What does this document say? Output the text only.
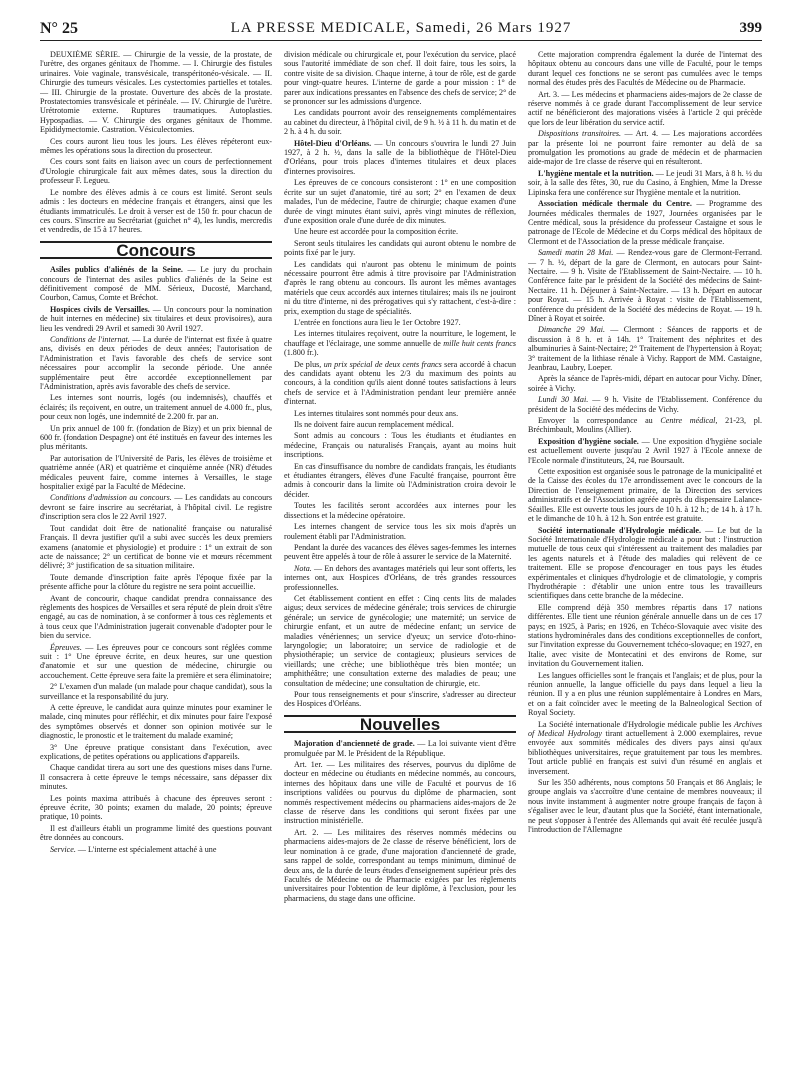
N° 25	LA PRESSE MEDICALE, Samedi, 26 Mars 1927	399

DEUXIÈME SÉRIE. — Chirurgie de la vessie, de la prostate, de l'urètre, des organes génitaux de l'homme. — I. Chirurgie des fistules urinaires. Voie vaginale, transvésicale, transpéritonéo-vésicale. — II. Chirurgie des tumeurs vésicales. Les cystectomies partielles et totales. — III. Chirurgie de la prostate. Ouverture des abcès de la prostate. Prostatectomies transvésicale et périnéale. — IV. Chirurgie de l'urètre. Urétrotomie externe. Ruptures traumatiques. Autoplasties. Hypospadias. — V. Chirurgie des organes génitaux de l'homme. Epididymectomie. Castration. Vésiculectomies.

Ces cours auront lieu tous les jours. Les élèves répéteront eux-mêmes les opérations sous la direction du prosecteur.

Ces cours sont faits en liaison avec un cours de perfectionnement d'Urologie chirurgicale fait aux mêmes dates, sous la direction du professeur F. Legueu.

Le nombre des élèves admis à ce cours est limité. Seront seuls admis : les docteurs en médecine français et étrangers, ainsi que les étudiants immatriculés. Le droit à verser est de 150 fr. pour chacun de ces cours. S'inscrire au Secrétariat (guichet n° 4), les lundis, mercredis et vendredis, de 15 à 17 heures.

Concours

Asiles publics d'aliénés de la Seine. — Le jury du prochain concours de l'internat des asiles publics d'aliénés de la Seine est définitivement composé de MM. Sérieux, Ducosté, Marchand, Courbon, Camus, Comte et Bréchot.

Hospices civils de Versailles. — Un concours pour la nomination de huit internes en médecine) six titulaires et deux provisoires), aura lieu les vendredi 29 Avril et samedi 30 Avril 1927.

Conditions de l'internat. — La durée de l'internat est fixée à quatre ans, divisés en deux périodes de deux années; l'autorisation de l'Administration et l'avis favorable des chefs de service sont nécessaires pour accomplir la seconde période. Une année supplémentaire peut être accordée exceptionnellement par l'Administration, après avis favorable des chefs de service.

Les internes sont nourris, logés (ou indemnisés), chauffés et éclairés; ils reçoivent, en outre, un traitement annuel de 4.000 fr., plus, pour ceux non logés, une indemnité de 2.200 fr. par an.

Un prix annuel de 100 fr. (fondation de Bizy) et un prix biennal de 600 fr. (fondation Despagne) ont été institués en faveur des internes les plus méritants.

Par autorisation de l'Université de Paris, les élèves de troisième et quatrième année (AR) et quatrième et cinquième année (NR) d'études médicales peuvent faire, comme internes à Versailles, le stage hospitalier exigé par la Faculté de Médecine.

Conditions d'admission au concours. — Les candidats au concours devront se faire inscrire au secrétariat, à l'hôpital civil. Le registre d'inscription sera clos le 22 Avril 1927.

Tout candidat doit être de nationalité française ou naturalisé Français. Il devra justifier qu'il a subi avec succès les deux premiers examens (anatomie et physiologie) et produire : 1° un extrait de son acte de naissance; 2° un certificat de bonne vie et mœurs récemment délivré; 3° justification de sa situation militaire.

Toute demande d'inscription faite après l'époque fixée par la présente affiche pour la clôture du registre ne sera point accueillie.

Avant de concourir, chaque candidat prendra connaissance des règlements des hospices de Versailles et sera réputé de plein droit s'être engagé, au cas de nomination, à se conformer à tous ces règlements et à tous ceux que l'Administration jugerait convenable d'adopter pour le bien du service.

Épreuves. — Les épreuves pour ce concours sont réglées comme suit : 1° Une épreuve écrite, en deux heures, sur une question d'anatomie et sur une question de médecine, chirurgie ou accouchement. Cette épreuve sera faite la première et sera éliminatoire;

2° L'examen d'un malade (un malade pour chaque candidat), sous la surveillance et la responsabilité du jury.

A cette épreuve, le candidat aura quinze minutes pour examiner le malade, cinq minutes pour réfléchir, et dix minutes pour faire l'exposé des symptômes observés et donner son opinion motivée sur le diagnostic, le pronostic et le traitement du malade examiné;

3° Une épreuve pratique consistant dans l'exécution, avec explications, de petites opérations ou applications d'appareils.

Chaque candidat tirera au sort une des questions mises dans l'urne. Il consacrera à cette épreuve le temps nécessaire, sans dépasser dix minutes.

Les points maxima attribués à chacune des épreuves seront : épreuve écrite, 30 points; examen du malade, 20 points; épreuve pratique, 10 points.

Il est d'ailleurs établi un programme limité des questions pouvant être données au concours.

Service. — L'interne est spécialement attaché à une

division médicale ou chirurgicale et, pour l'exécution du service, placé sous l'autorité immédiate de son chef. Il doit faire, tous les soirs, la contre visite de sa division. Chaque interne, à tour de rôle, est de garde pour vingt-quatre heures. L'interne de garde a pour mission : 1° de parer aux indications pressantes en l'absence des chefs de service; 2° de se prononcer sur les admissions d'urgence.

Les candidats pourront avoir des renseignements complémentaires au cabinet du directeur, à l'hôpital civil, de 9 h. ½ à 11 h. du matin et de 2 h. à 4 h. du soir.

Hôtel-Dieu d'Orléans. — Un concours s'ouvrira le lundi 27 Juin 1927, à 2 h. ½, dans la salle de la bibliothèque de l'Hôtel-Dieu d'Orléans, pour trois places d'internes titulaires et deux places d'internes provisoires.

Les épreuves de ce concours consisteront : 1° en une composition écrite sur un sujet d'anatomie, tiré au sort; 2° en l'examen de deux malades, l'un de médecine, l'autre de chirurgie; chaque examen d'une durée de vingt minutes étant suivi, après vingt minutes de réflexion, d'une exposition orale d'une durée de dix minutes.

Une heure est accordée pour la composition écrite.

Seront seuls titulaires les candidats qui auront obtenu le nombre de points fixé par le jury.

Les candidats qui n'auront pas obtenu le minimum de points nécessaire pourront être admis à titre provisoire par l'Administration d'après le rang obtenu au concours. Ils auront les mêmes avantages matériels que ceux accordés aux internes titulaires; mais ils ne jouiront ni du titre d'interne, ni des prérogatives qui s'y rattachent, c'est-à-dire : prix, exemption du stage de spécialités.

L'entrée en fonctions aura lieu le 1er Octobre 1927.

Les internes titulaires reçoivent, outre la nourriture, le logement, le chauffage et l'éclairage, une somme annuelle de mille huit cents francs (1.800 fr.).

De plus, un prix spécial de deux cents francs sera accordé à chacun des candidats ayant obtenu les 2/3 du maximum des points au concours, à la condition qu'ils aient donné toutes satisfactions à leurs chefs de service et à l'Administration pendant leur première année d'internat.

Les internes titulaires sont nommés pour deux ans.

Ils ne doivent faire aucun remplacement médical.

Sont admis au concours : Tous les étudiants et étudiantes en médecine, Français ou naturalisés Français, ayant au moins huit inscriptions.

En cas d'insuffisance du nombre de candidats français, les étudiants et étudiantes étrangers, élèves d'une Faculté française, pourront être admis à concourir dans la limite où l'Administration croira devoir le décider.

Toutes les facilités seront accordées aux internes pour les dissections et la médecine opératoire.

Les internes changent de service tous les six mois d'après un roulement établi par l'Administration.

Pendant la durée des vacances des élèves sages-femmes les internes peuvent être appelés à tour de rôle à assurer le service de la Maternité.

Nota. — En dehors des avantages matériels qui leur sont offerts, les internes ont, aux Hospices d'Orléans, de très grandes ressources professionnelles.

Cet établissement contient en effet : Cinq cents lits de malades aigus; deux services de médecine générale; trois services de chirurgie générale; un service de gynécologie; une maternité; un service de chirurgie enfant, et un autre de médecine enfant; un service de maladies vénériennes; un service d'yeux; un service d'oto-rhino-laryngologie; un laboratoire; un service de radiologie et de physiothérapie; un service de contagieux; plusieurs services de vieillards; une crèche; une bibliothèque très bien montée; un amphithéâtre; une consultation externe des maladies de peau; une consultation de médecine; une consultation de chirurgie, etc.

Pour tous renseignements et pour s'inscrire, s'adresser au directeur des Hospices d'Orléans.

Nouvelles

Majoration d'ancienneté de grade. — La loi suivante vient d'être promulguée par M. le Président de la République.

Art. 1er. — Les militaires des réserves, pourvus du diplôme de docteur en médecine ou étudiants en médecine nommés, au concours, internes des hôpitaux dans une ville de Faculté et pourvus de 16 inscriptions validées ou pourvus du diplôme de pharmacien, sont nommés respectivement médecins ou pharmaciens aides-majors de 2e classe de réserve dans les conditions qui seront fixées par une instruction ministérielle.

Art. 2. — Les militaires des réserves nommés médecins ou pharmaciens aides-majors de 2e classe de réserve bénéficient, lors de leur nomination à ce grade, d'une majoration d'ancienneté de grade, sans rappel de solde, correspondant au temps minimum, diminué de deux ans, de la durée de leurs études d'enseignement supérieur près des Facultés de Médecine ou de Pharmacie exigées par les règlements universitaires pour l'obtention de leur diplôme, à l'exclusion, pour les pharmaciens, du stage dans une officine.

Cette majoration comprendra également la durée de l'internat des hôpitaux obtenu au concours dans une ville de Faculté, pour le temps durant lequel ces fonctions ne se seront pas cumulées avec le temps normal des études près des Facultés de Médecine ou de Pharmacie.

Art. 3. — Les médecins et pharmaciens aides-majors de 2e classe de réserve nommés à ce grade durant l'accomplissement de leur service actif ne bénéficieront des majorations visées à l'article 2 qui précède que lors de leur libération du service actif.

Dispositions transitoires. — Art. 4. — Les majorations accordées par la présente loi ne pourront faire remonter au delà de sa promulgation les promotions au grade de médecin et de pharmacien aide-major de 1re classe de réserve qui en résulteront.

L'hygiène mentale et la nutrition. — Le jeudi 31 Mars, à 8 h. ½ du soir, à la salle des fêtes, 30, rue du Casino, à Enghien, Mme la Dresse Lipinska fera une conférence sur l'hygiène mentale et la nutrition.

Association médicale thermale du Centre. — Programme des Journées médicales thermales de 1927, Journées organisées par le Centre médical, sous la présidence du professeur Castaigne et sous le patronage de l'Ecole de Médecine et du Corps médical des hôpitaux de Clermont et de l'Association de la presse médicale française.

Samedi matin 28 Mai. — Rendez-vous gare de Clermont-Ferrand. — 7 h. ½, départ de la gare de Clermont, en autocars pour Saint-Nectaire. — 9 h. Visite de l'Etablissement de Saint-Nectaire. — 10 h. Conférence faite par le président de la Société des médecins de Saint-Nectaire. 11 h. Déjeuner à Saint-Nectaire. — 13 h. Départ en autocar pour Royat. — 15 h. Arrivée à Royat : visite de l'Etablissement, conférence du président de la Société des médecins de Royat. — 19 h. Dîner à Royat et soirée.

Dimanche 29 Mai. — Clermont : Séances de rapports et de discussion à 8 h. et à 14h. 1° Traitement des néphrites et des albuminuries à Saint-Nectaire; 2° Traitement de l'hypertension à Royat; 3° traitement de la lithiase rénale à Vichy. Rapport de MM. Castaigne, Jeanbrau, Laubry, Loeper.

Après la séance de l'après-midi, départ en autocar pour Vichy. Dîner, soirée à Vichy.

Lundi 30 Mai. — 9 h. Visite de l'Etablissement. Conférence du président de la Société des médecins de Vichy.

Envoyer la correspondance au Centre médical, 21-23, pl. Bréchimbault, Moulins (Allier).

Exposition d'hygiène sociale. — Une exposition d'hygiène sociale est actuellement ouverte jusqu'au 2 Avril 1927 à l'Ecole annexe de l'Ecole normale d'instituteurs, 24, rue Boursault.

Cette exposition est organisée sous le patronage de la municipalité et de la Caisse des écoles du 17e arrondissement avec le concours de la Direction de l'enseignement primaire, de la Direction des services administratifs et de l'Association agréée auprès du dispensaire Lalance-Séailles. Elle est ouverte tous les jours de 10 h. à 12 h.; de 14 h. à 17 h. et le dimanche de 10 h. à 12 h. Son entrée est gratuite.

Société internationale d'Hydrologie médicale. — Le but de la Société Internationale d'Hydrologie médicale a pour but : l'instruction mutuelle de tous ceux qui s'intéressent au traitement des maladies par les agents naturels et à l'étude des maladies qui relèvent de ce traitement. Elle se propose d'encourager en tous pays les études expérimentales et cliniques d'hydrologie et de climatologie, y compris l'hydrothérapie : d'établir une union entre tous les travailleurs scientifiques dans cette branche de la médecine.

Elle comprend déjà 350 membres répartis dans 17 nations différentes. Elle tient une réunion générale annuelle dans un de ces 17 pays; en 1925, à Paris; en 1926, en Tchéco-Slovaquie avec visite des stations hydrominérales dans des conditions exceptionnelles de confort, sur l'invitation expresse du Gouvernement tchéco-slovaque; en 1927, en Italie, avec visite de Montecatini et des environs de Rome, sur invitation du Gouvernement italien.

Les langues officielles sont le français et l'anglais; et de plus, pour la réunion annuelle, la langue officielle du pays dans lequel a lieu la réunion. Il y a en plus une réunion supplémentaire à Londres en Mars, et on a fait coïncider avec le meeting de la Balneological Section of Royal Society.

La Société internationale d'Hydrologie médicale publie les Archives of Medical Hydrology tirant actuellement à 2.000 exemplaires, revue envoyée aux sommités médicales des divers pays ainsi qu'aux bibliothèques universitaires, reçue gratuitement par tous les membres. Tout article publié en français est suivi d'un résumé en anglais et inversement.

Sur les 350 adhérents, nous comptons 50 Français et 86 Anglais; le groupe anglais va s'accroître d'une centaine de membres nouveaux; il nous invite instamment à augmenter notre groupe français de façon à s'égaliser avec le leur, d'autant plus que la Société, étant internationale, ne peut s'opposer à l'entrée des Allemands qui avait été reculée jusqu'à l'introduction de l'Allemagne
